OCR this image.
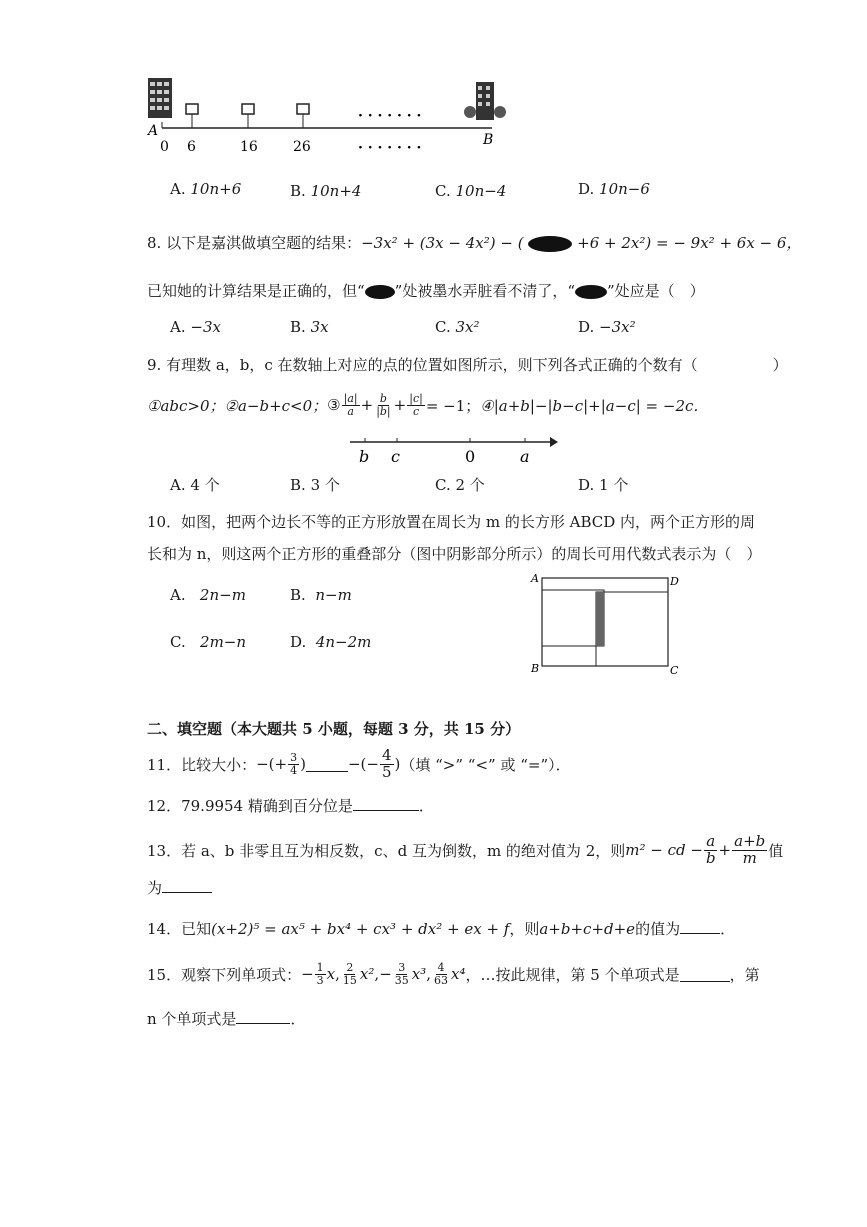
A
B
0 6	16	26
· · · · · · ·
· · · · · · ·
A. 10n+6	B. 10n+4	C. 10n−4	D. 10n−6
8. 以下是嘉淇做填空题的结果：−3x² + (3x − 4x²) − (	+6 + 2x²) = − 9x² + 6x − 6，
已知她的计算结果是正确的，但“ ”处被墨水弄脏看不清了，“ ”处应是（　）
A. −3x	B. 3x	C. 3x²	D. −3x²
9. 有理数 a，b，c 在数轴上对应的点的位置如图所示，则下列各式正确的个数有（　　　　　）
①abc>0； ②a−b+c<0； ③ $\frac{|a|}{a} + \frac{b}{|b|} + \frac{|c|}{c} = -1$； ④|a+b|−|b−c|+|a−c| = −2c．
b c	0	a
A. 4 个	B. 3 个	C. 2 个	D. 1 个
10．如图，把两个边长不等的正方形放置在周长为 m 的长方形 ABCD 内，两个正方形的周
长和为 n，则这两个正方形的重叠部分（图中阴影部分所示）的周长可用代数式表示为（　）
A. 2n−m	B. n−m
C. 2m−n	D. 4n−2m
A	D
B	C
二、填空题（本大题共 5 小题，每题 3 分，共 15 分）
11．比较大小： −(+ $\frac{3}{4}$ )	−(− $\frac{4}{5}$ ) （填 “>” “<” 或 “=”）．
12．79.9954 精确到百分位是	．
13．若 a、b 非零且互为相反数，c、d 互为倒数，m 的绝对值为 2，则 m² − cd − $\frac{a}{b} + \frac{a+b}{m}$ 值
为
14．已知(x+2)⁵ = ax⁵ + bx⁴ + cx³ + dx² + ex + f，则a+b+c+d+e的值为	．
15．观察下列单项式： − $\frac{1}{3}$ x , $\frac{2}{15} x^2$ , − $\frac{3}{35} x^3$ , $\frac{4}{63} x^4$ ，…按此规律，第 5 个单项式是	，第
n 个单项式是	．
